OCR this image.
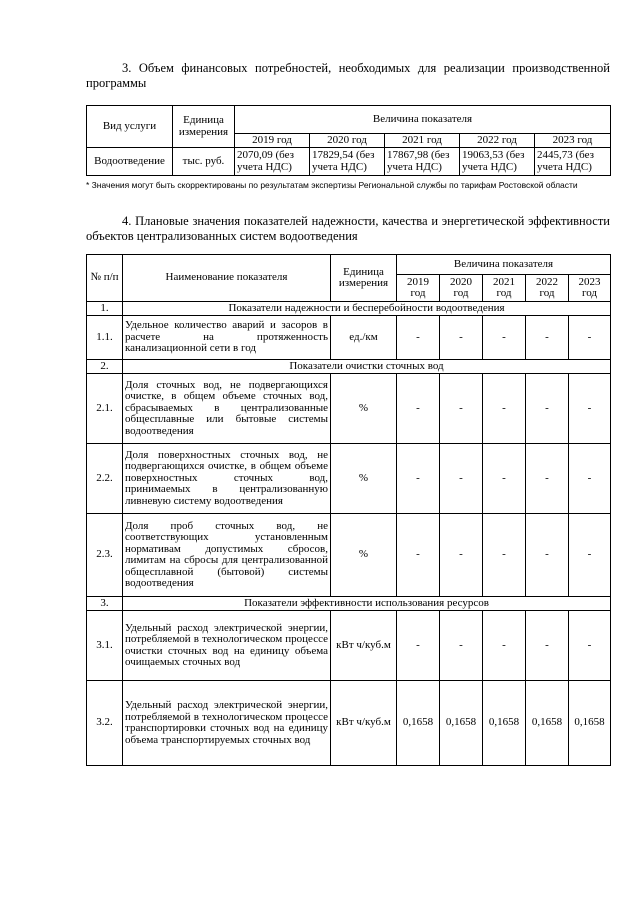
3. Объем финансовых потребностей, необходимых для реализации производственной программы
Вид услуги	Единица измерения	Величина показателя				
		2019 год	2020 год	2021 год	2022 год	2023 год
Водоотведение	тыс. руб.	2070,09 (без учета НДС)	17829,54 (без учета НДС)	17867,98 (без учета НДС)	19063,53 (без учета НДС)	2445,73 (без учета НДС)
* Значения могут быть скорректированы по результатам экспертизы Региональной службы по тарифам Ростовской области
4. Плановые значения показателей надежности, качества и энергетической эффективности объектов централизованных систем водоотведения
№ п/п	Наименование показателя	Единица измерения	Величина показателя				
			2019 год	2020 год	2021 год	2022 год	2023 год
1.	Показатели надежности и бесперебойности водоотведения						
1.1.	Удельное количество аварий и засоров в расчете на протяженность канализационной сети в год	ед./км	-	-	-	-	-
2.	Показатели очистки сточных вод						
2.1.	Доля сточных вод, не подвергающихся очистке, в общем объеме сточных вод, сбрасываемых в централизованные общесплавные или бытовые системы водоотведения	%	-	-	-	-	-
2.2.	Доля поверхностных сточных вод, не подвергающихся очистке, в общем объеме поверхностных сточных вод, принимаемых в централизованную ливневую систему водоотведения	%	-	-	-	-	-
2.3.	Доля проб сточных вод, не соответствующих установленным нормативам допустимых сбросов, лимитам на сбросы для централизованной общесплавной (бытовой) системы водоотведения	%	-	-	-	-	-
3.	Показатели эффективности использования ресурсов						
3.1.	Удельный расход электрической энергии, потребляемой в технологическом процессе очистки сточных вод на единицу объема очищаемых сточных вод	кВт ч/куб.м	-	-	-	-	-
3.2.	Удельный расход электрической энергии, потребляемой в технологическом процессе транспортировки сточных вод на единицу объема транспортируемых сточных вод	кВт ч/куб.м	0,1658	0,1658	0,1658	0,1658	0,1658
